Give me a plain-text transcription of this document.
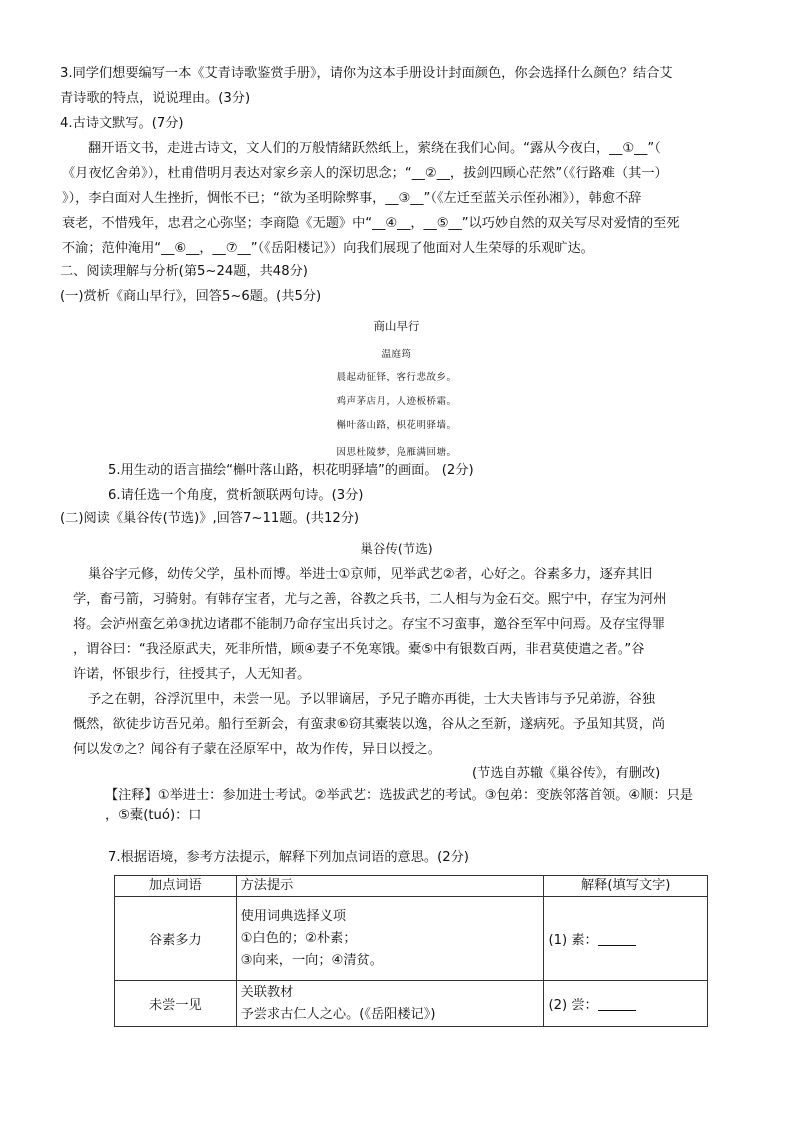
3.同学们想要编写一本《艾青诗歌鉴赏手册》，请你为这本手册设计封面颜色，你会选择什么颜色？结合艾
青诗歌的特点，说说理由。(3分)
4.古诗文默写。(7分)
翻开语文书，走进古诗文，文人们的万般情緒跃然纸上，萦绕在我们心间。“露从今夜白，__①__”（
《月夜忆舍弟》），杜甫借明月表达对家乡亲人的深切思念；“__②__，拔剑四顾心茫然”（《行路难（其一）
》），李白面对人生挫折，惆怅不已；“欲为圣明除弊事，__③__”（《左迁至蓝关示侄孙湘》），韩愈不辞
衰老，不惜残年，忠君之心弥坚；李商隐《无题》中“__④__，__⑤__”以巧妙自然的双关写尽对爱情的至死
不渝；范仲淹用“__⑥__，__⑦__”（《岳阳楼记》）向我们展现了他面对人生荣辱的乐观旷达。
二、阅读理解与分析(第5~24题，共48分)
(一)赏析《商山早行》，回答5~6题。(共5分)
商山早行
温庭筠
晨起动征铎，客行悲故乡。
鸡声茅店月，人迹板桥霜。
槲叶落山路，枳花明驿墙。
因思杜陵梦，凫雁满回塘。
5.用生动的语言描绘“槲叶落山路，枳花明驿墙”的画面。 (2分)
6.请任选一个角度，赏析颔联两句诗。(3分)
(二)阅读《巢谷传(节选)》,回答7~11题。(共12分)
巢谷传(节选)
巢谷字元修，幼传父学，虽朴而博。举进士①京师，见举武艺②者，心好之。谷素多力，逐弃其旧
学，畜弓箭，习骑射。有韩存宝者，尤与之善，谷教之兵书，二人相与为金石交。熙宁中，存宝为河州
将。会泸州蛮乞弟③扰边诸郡不能制乃命存宝出兵讨之。存宝不习蛮事，邀谷至军中问焉。及存宝得罪
，谓谷曰：“我泾原武夫，死非所惜，顾④妻子不免寒饿。橐⑤中有银数百两，非君莫使遣之者。”谷
许诺，怀银步行，往授其子，人无知者。
予之在朝，谷浮沉里中，未尝一见。予以罪谪居，予兄子瞻亦再徙，士大夫皆讳与予兄弟游，谷独
慨然，欲徒步访吾兄弟。船行至新会，有蛮隶⑥窃其橐装以逸，谷从之至新，遂病死。予虽知其贤，尚
何以发⑦之？闻谷有子蒙在泾原军中，故为作传，异日以授之。
(节选自苏辙《巢谷传》，有删改)
【注释】①举进士：参加进士考试。②举武艺：选拔武艺的考试。③包弟：变族邻落首领。④顺：只是
，⑤橐(tuó)：口
7.根据语境，参考方法提示，解释下列加点词语的意思。(2分)
加点词语	方法提示	解释(填写文字)
谷素多力	使用词典选择义项
①白色的；②朴素；
③向来，一向；④清贫。	(1) 素：
未尝一见	关联教材
予尝求古仁人之心。(《岳阳楼记》)	(2) 尝：
